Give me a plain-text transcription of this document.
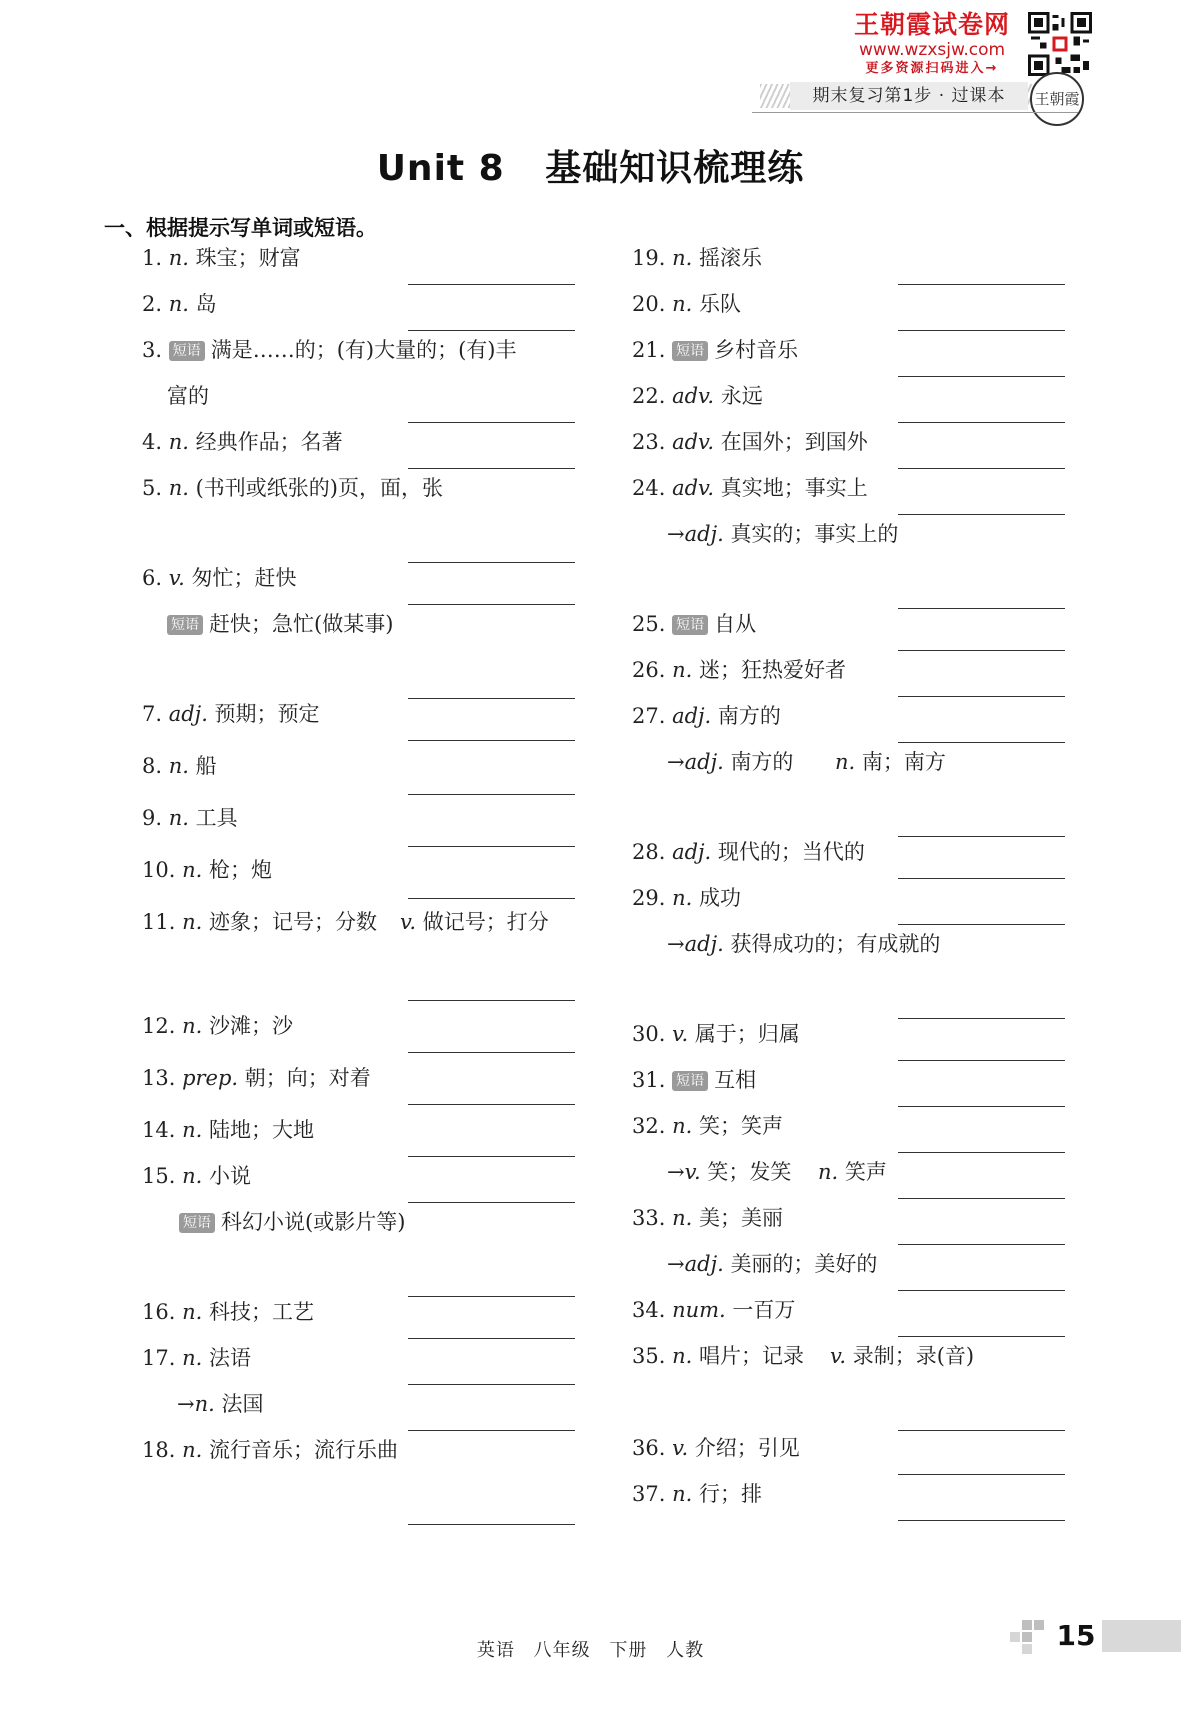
王朝霞试卷网
www.wzxsjw.com
更多资源扫码进入→
期末复习第1步 · 过课本	王朝霞
Unit 8   基础知识梳理练
一、根据提示写单词或短语。
1. n. 珠宝；财富
2. n. 岛
3. 短语 满是……的；(有)大量的；(有)丰
富的
4. n. 经典作品；名著
5. n. (书刊或纸张的)页，面，张
6. v. 匆忙；赶快
短语 赶快；急忙(做某事)
7. adj. 预期；预定
8. n. 船
9. n. 工具
10. n. 枪；炮
11. n. 迹象；记号；分数 v. 做记号；打分
12. n. 沙滩；沙
13. prep. 朝；向；对着
14. n. 陆地；大地
15. n. 小说
短语 科幻小说(或影片等)
16. n. 科技；工艺
17. n. 法语
→n. 法国
18. n. 流行音乐；流行乐曲
19. n. 摇滚乐
20. n. 乐队
21. 短语 乡村音乐
22. adv. 永远
23. adv. 在国外；到国外
24. adv. 真实地；事实上
→adj. 真实的；事实上的
25. 短语 自从
26. n. 迷；狂热爱好者
27. adj. 南方的
→adj. 南方的 n. 南；南方
28. adj. 现代的；当代的
29. n. 成功
→adj. 获得成功的；有成就的
30. v. 属于；归属
31. 短语 互相
32. n. 笑；笑声
→v. 笑；发笑 n. 笑声
33. n. 美；美丽
→adj. 美丽的；美好的
34. num. 一百万
35. n. 唱片；记录 v. 录制；录(音)
36. v. 介绍；引见
37. n. 行；排
英语 八年级 下册 人教	15
